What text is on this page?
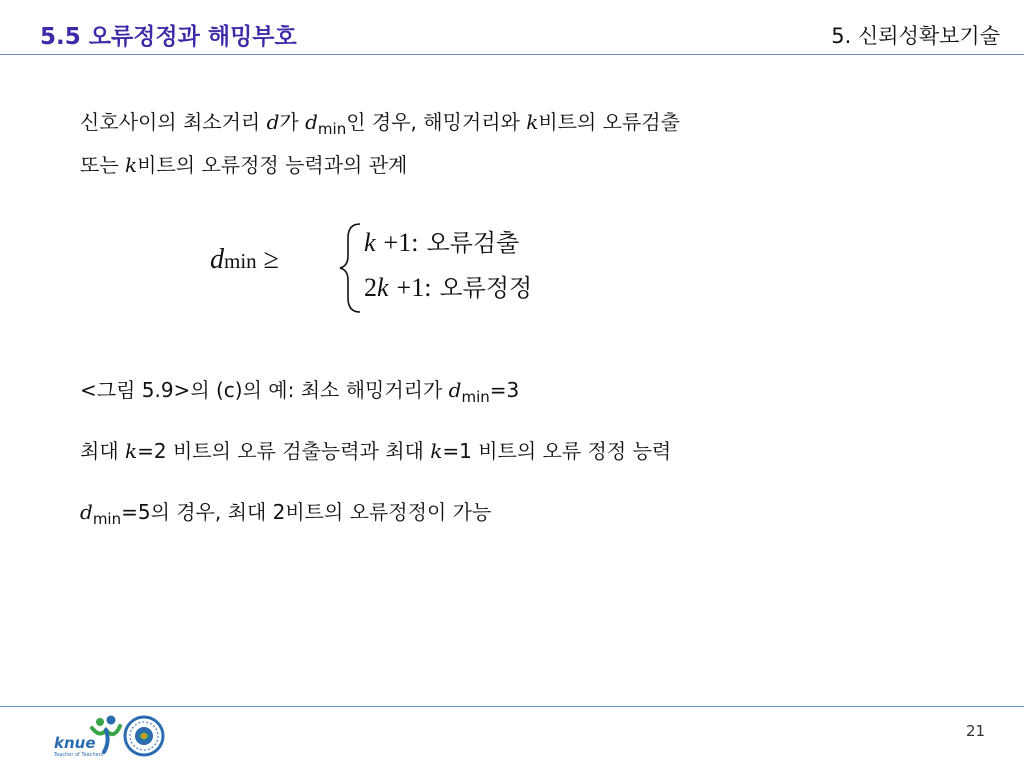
5.5 오류정정과 해밍부호	5. 신뢰성확보기술

신호사이의 최소거리 d가 $d_{min}$인 경우, 해밍거리와 k비트의 오류검출

또는 k비트의 오류정정 능력과의 관계

dmin ≥
k +1: 오류검출
2k +1: 오류정정
<그림 5.9>의 (c)의 예: 최소 해밍거리가 $d_{min}=3$
최대 k=2 비트의 오류 검출능력과 최대 k=1 비트의 오류 정정 능력
$d_{min}=5$의 경우, 최대 2비트의 오류정정이 가능
knue
Teacher of Teachers
21
